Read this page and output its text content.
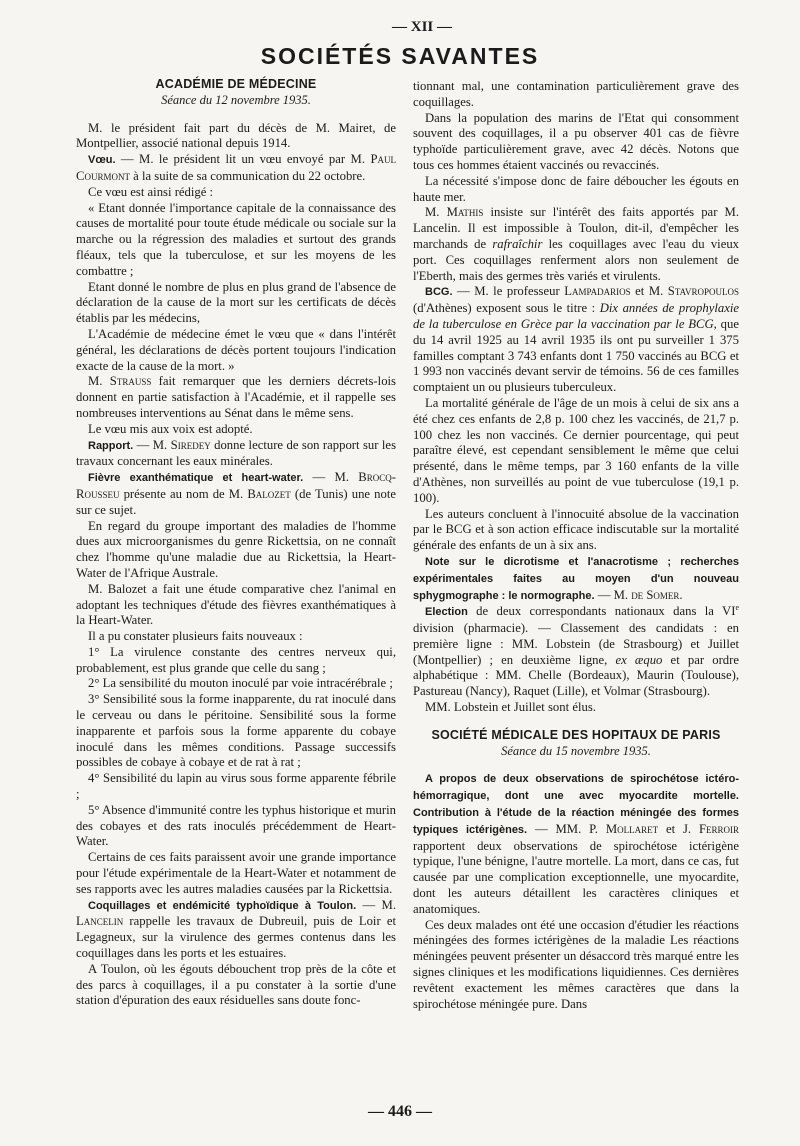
— XII —
SOCIÉTÉS SAVANTES

ACADÉMIE DE MÉDECINE

Séance du 12 novembre 1935.

M. le président fait part du décès de M. Mairet, de Montpellier, associé national depuis 1914.

Vœu. — M. le président lit un vœu envoyé par M. Paul Courmont à la suite de sa communication du 22 octobre.

Ce vœu est ainsi rédigé :

« Etant donnée l'importance capitale de la connaissance des causes de mortalité pour toute étude médicale ou sociale sur la marche ou la régression des maladies et surtout des grands fléaux, tels que la tuberculose, et sur les moyens de les combattre ;

Etant donné le nombre de plus en plus grand de l'absence de déclaration de la cause de la mort sur les certificats de décès établis par les médecins,

L'Académie de médecine émet le vœu que « dans l'intérêt général, les déclarations de décès portent toujours l'indication exacte de la cause de la mort. »

M. Strauss fait remarquer que les derniers décrets-lois donnent en partie satisfaction à l'Académie, et il rappelle ses nombreuses interventions au Sénat dans le même sens.

Le vœu mis aux voix est adopté.

Rapport. — M. Siredey donne lecture de son rapport sur les travaux concernant les eaux minérales.

Fièvre exanthématique et heart-water. — M. Brocq-Rousseu présente au nom de M. Balozet (de Tunis) une note sur ce sujet.

En regard du groupe important des maladies de l'homme dues aux microorganismes du genre Rickettsia, on ne connaît chez l'homme qu'une maladie due au Rickettsia, la Heart-Water de l'Afrique Australe.

M. Balozet a fait une étude comparative chez l'animal en adoptant les techniques d'étude des fièvres exanthématiques à la Heart-Water.

Il a pu constater plusieurs faits nouveaux :

1° La virulence constante des centres nerveux qui, probablement, est plus grande que celle du sang ;

2° La sensibilité du mouton inoculé par voie intracérébrale ;

3° Sensibilité sous la forme inapparente, du rat inoculé dans le cerveau ou dans le péritoine. Sensibilité sous la forme inapparente et parfois sous la forme apparente du cobaye inoculé dans les mêmes conditions. Passage successifs possibles de cobaye à cobaye et de rat à rat ;

4° Sensibilité du lapin au virus sous forme apparente fébrile ;

5° Absence d'immunité contre les typhus historique et murin des cobayes et des rats inoculés précédemment de Heart-Water.

Certains de ces faits paraissent avoir une grande importance pour l'étude expérimentale de la Heart-Water et notamment de ses rapports avec les autres maladies causées par la Rickettsia.

Coquillages et endémicité typhoïdique à Toulon. — M. Lancelin rappelle les travaux de Dubreuil, puis de Loir et Legagneux, sur la virulence des germes contenus dans les coquillages dans les ports et les estuaires.

A Toulon, où les égouts débouchent trop près de la côte et des parcs à coquillages, il a pu constater à la sortie d'une station d'épuration des eaux résiduelles sans doute fonc-

tionnant mal, une contamination particulièrement grave des coquillages.

Dans la population des marins de l'Etat qui consomment souvent des coquillages, il a pu observer 401 cas de fièvre typhoïde particulièrement grave, avec 42 décès. Notons que tous ces hommes étaient vaccinés ou revaccinés.

La nécessité s'impose donc de faire déboucher les égouts en haute mer.

M. Mathis insiste sur l'intérêt des faits apportés par M. Lancelin. Il est impossible à Toulon, dit-il, d'empêcher les marchands de rafraîchir les coquillages avec l'eau du vieux port. Ces coquillages renferment alors non seulement de l'Eberth, mais des germes très variés et virulents.

BCG. — M. le professeur Lampadarios et M. Stavropoulos (d'Athènes) exposent sous le titre : Dix années de prophylaxie de la tuberculose en Grèce par la vaccination par le BCG, que du 14 avril 1925 au 14 avril 1935 ils ont pu surveiller 1 375 familles comptant 3 743 enfants dont 1 750 vaccinés au BCG et 1 993 non vaccinés devant servir de témoins. 56 de ces familles comptaient un ou plusieurs tuberculeux.

La mortalité générale de l'âge de un mois à celui de six ans a été chez ces enfants de 2,8 p. 100 chez les vaccinés, de 21,7 p. 100 chez les non vaccinés. Ce dernier pourcentage, qui peut paraître élevé, est cependant sensiblement le même que celui présenté, dans le même temps, par 3 160 enfants de la ville d'Athènes, non surveillés au point de vue tuberculose (19,1 p. 100).

Les auteurs concluent à l'innocuité absolue de la vaccination par le BCG et à son action efficace indiscutable sur la mortalité générale des enfants de un à six ans.

Note sur le dicrotisme et l'anacrotisme ; recherches expérimentales faites au moyen d'un nouveau sphygmographe : le normographe. — M. de Somer.

Election de deux correspondants nationaux dans la VIe division (pharmacie). — Classement des candidats : en première ligne : MM. Lobstein (de Strasbourg) et Juillet (Montpellier) ; en deuxième ligne, ex æquo et par ordre alphabétique : MM. Chelle (Bordeaux), Maurin (Toulouse), Pastureau (Nancy), Raquet (Lille), et Volmar (Strasbourg).

MM. Lobstein et Juillet sont élus.

SOCIÉTÉ MÉDICALE DES HOPITAUX DE PARIS

Séance du 15 novembre 1935.

A propos de deux observations de spirochétose ictéro-hémorragique, dont une avec myocardite mortelle. Contribution à l'étude de la réaction méningée des formes typiques ictérigènes. — MM. P. Mollaret et J. Ferroir rapportent deux observations de spirochétose ictérigène typique, l'une bénigne, l'autre mortelle. La mort, dans ce cas, fut causée par une complication exceptionnelle, une myocardite, dont les auteurs détaillent les caractères cliniques et anatomiques.

Ces deux malades ont été une occasion d'étudier les réactions méningées des formes ictérigènes de la maladie Les réactions méningées peuvent présenter un désaccord très marqué entre les signes cliniques et les modifications liquidiennes. Ces dernières revêtent exactement les mêmes caractères que dans la spirochétose méningée pure. Dans

— 446 —
